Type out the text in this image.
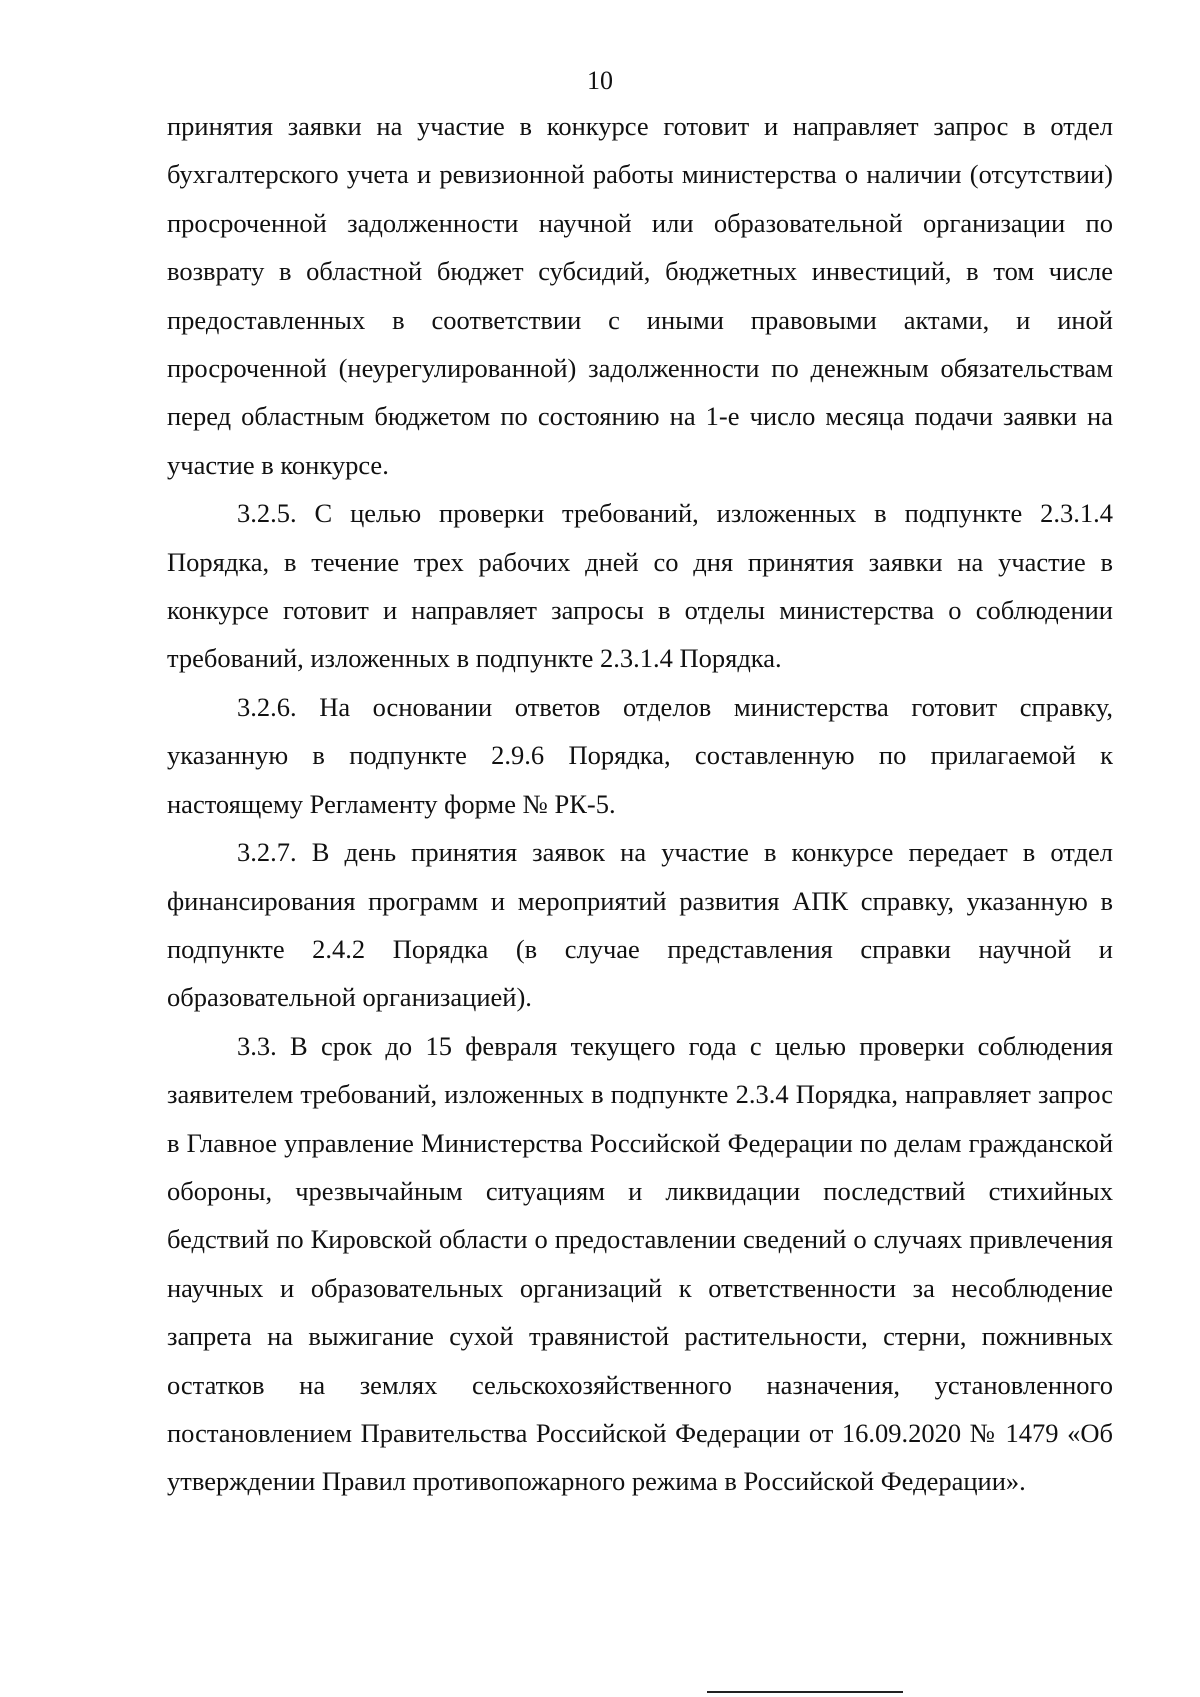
10

принятия заявки на участие в конкурсе готовит и направляет запрос в отдел бухгалтерского учета и ревизионной работы министерства о наличии (отсутствии) просроченной задолженности научной или образовательной организации по возврату в областной бюджет субсидий, бюджетных инвестиций, в том числе предоставленных в соответствии с иными правовыми актами, и иной просроченной (неурегулированной) задолженности по денежным обязательствам перед областным бюджетом по состоянию на 1-е число месяца подачи заявки на участие в конкурсе.

3.2.5. С целью проверки требований, изложенных в подпункте 2.3.1.4 Порядка, в течение трех рабочих дней со дня принятия заявки на участие в конкурсе готовит и направляет запросы в отделы министерства о соблюдении требований, изложенных в подпункте 2.3.1.4 Порядка.

3.2.6. На основании ответов отделов министерства готовит справку, указанную в подпункте 2.9.6 Порядка, составленную по прилагаемой к настоящему Регламенту форме № РК-5.

3.2.7. В день принятия заявок на участие в конкурсе передает в отдел финансирования программ и мероприятий развития АПК справку, указанную в подпункте 2.4.2 Порядка (в случае представления справки научной и образовательной организацией).

3.3. В срок до 15 февраля текущего года с целью проверки соблюдения заявителем требований, изложенных в подпункте 2.3.4 Порядка, направляет запрос в Главное управление Министерства Российской Федерации по делам гражданской обороны, чрезвычайным ситуациям и ликвидации последствий стихийных бедствий по Кировской области о предоставлении сведений о случаях привлечения научных и образовательных организаций к ответственности за несоблюдение запрета на выжигание сухой травянистой растительности, стерни, пожнивных остатков на землях сельскохозяйственного назначения, установленного постановлением Правительства Российской Федерации от 16.09.2020 № 1479 «Об утверждении Правил противопожарного режима в Российской Федерации».
